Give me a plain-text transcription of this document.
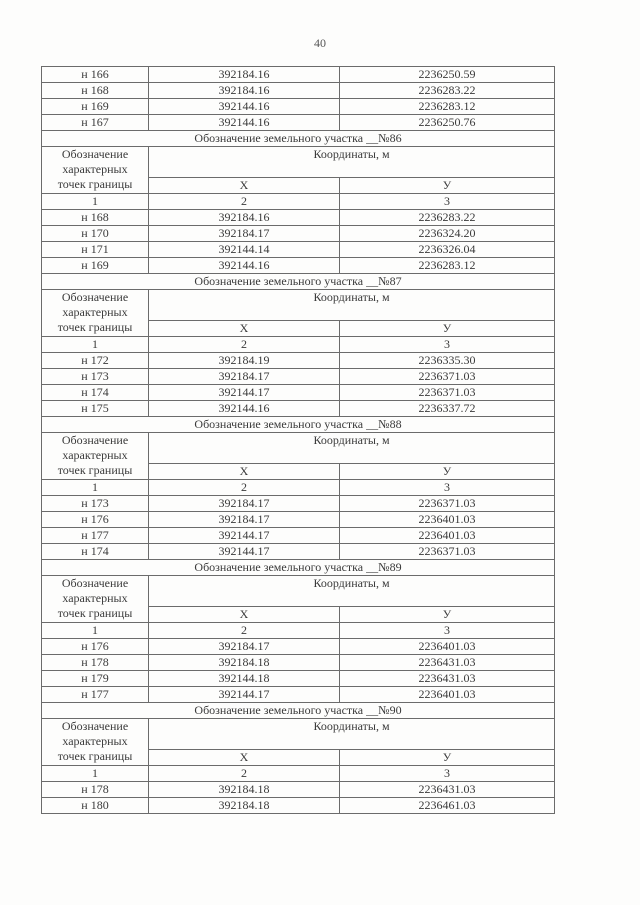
40
н 166	392184.16	2236250.59
н 168	392184.16	2236283.22
н 169	392144.16	2236283.12
н 167	392144.16	2236250.76
Обозначение земельного участка __№86		

Обозначение
характерных
точек границы	Координаты, м	
	X	У
1	2	3
н 168	392184.16	2236283.22
н 170	392184.17	2236324.20
н 171	392144.14	2236326.04
н 169	392144.16	2236283.12
Обозначение земельного участка __№87		

Обозначение
характерных
точек границы	Координаты, м	
	X	У
1	2	3
н 172	392184.19	2236335.30
н 173	392184.17	2236371.03
н 174	392144.17	2236371.03
н 175	392144.16	2236337.72
Обозначение земельного участка __№88		

Обозначение
характерных
точек границы	Координаты, м	
	X	У
1	2	3
н 173	392184.17	2236371.03
н 176	392184.17	2236401.03
н 177	392144.17	2236401.03
н 174	392144.17	2236371.03
Обозначение земельного участка __№89		

Обозначение
характерных
точек границы	Координаты, м	
	X	У
1	2	3
н 176	392184.17	2236401.03
н 178	392184.18	2236431.03
н 179	392144.18	2236431.03
н 177	392144.17	2236401.03
Обозначение земельного участка __№90		

Обозначение
характерных
точек границы	Координаты, м	
	X	У
1	2	3
н 178	392184.18	2236431.03
н 180	392184.18	2236461.03
